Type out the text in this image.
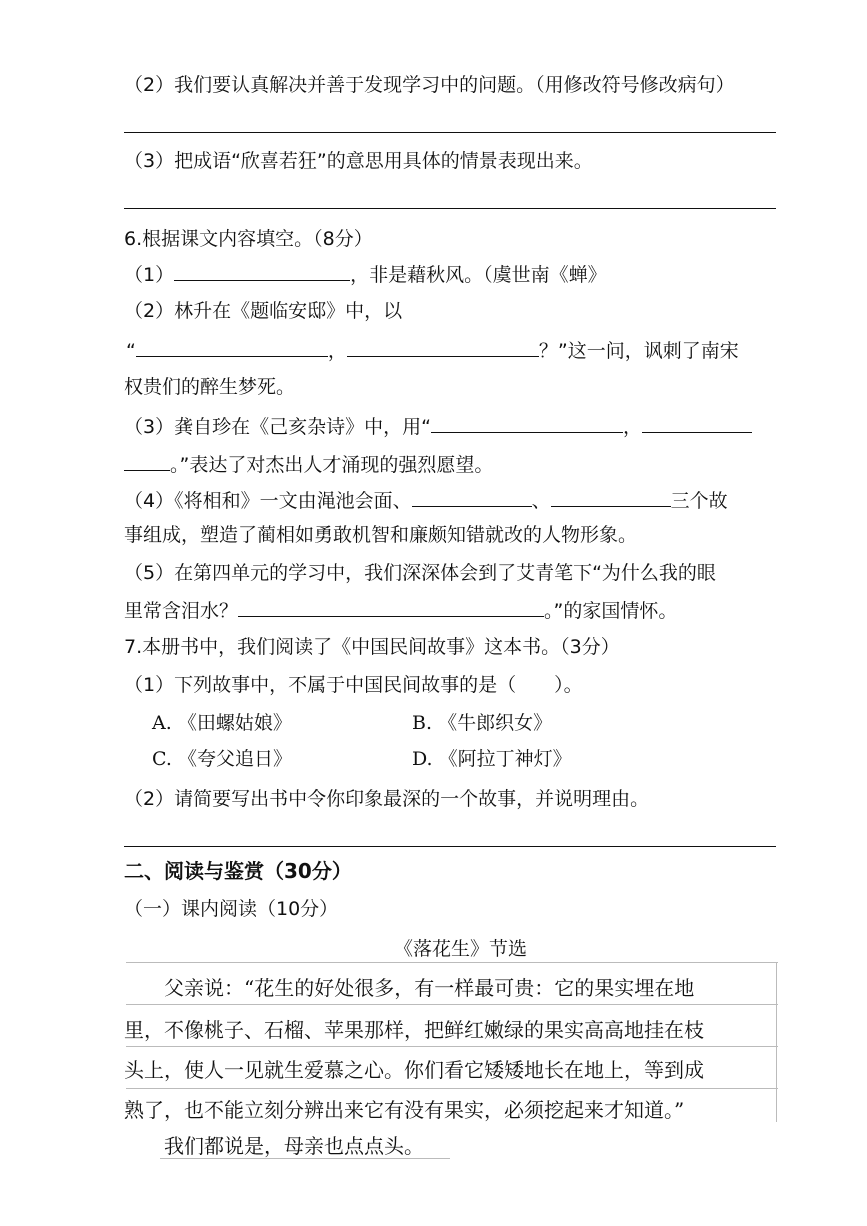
（2）我们要认真解决并善于发现学习中的问题。（用修改符号修改病句）
（3）把成语“欣喜若狂”的意思用具体的情景表现出来。
6.根据课文内容填空。（8分）
（1）	，非是藉秋风。（虞世南《蝉》
（2）林升在《题临安邸》中，以
“	，	？”这一问，讽刺了南宋
权贵们的醉生梦死。
（3）龚自珍在《己亥杂诗》中，用“	，
。”表达了对杰出人才涌现的强烈愿望。
（4）《将相和》一文由渑池会面、	、	三个故
事组成，塑造了蔺相如勇敢机智和廉颇知错就改的人物形象。
（5）在第四单元的学习中，我们深深体会到了艾青笔下“为什么我的眼
里常含泪水？	。”的家国情怀。
7.本册书中，我们阅读了《中国民间故事》这本书。（3分）
（1）下列故事中，不属于中国民间故事的是（　　）。
A. 《田螺姑娘》	B. 《牛郎织女》
C. 《夸父追日》	D. 《阿拉丁神灯》
（2）请简要写出书中令你印象最深的一个故事，并说明理由。
二、阅读与鉴赏（30分）
（一）课内阅读（10分）
《落花生》节选
父亲说：“花生的好处很多，有一样最可贵：它的果实埋在地
里，不像桃子、石榴、苹果那样，把鲜红嫩绿的果实高高地挂在枝
头上，使人一见就生爱慕之心。你们看它矮矮地长在地上，等到成
熟了，也不能立刻分辨出来它有没有果实，必须挖起来才知道。”
我们都说是，母亲也点点头。
